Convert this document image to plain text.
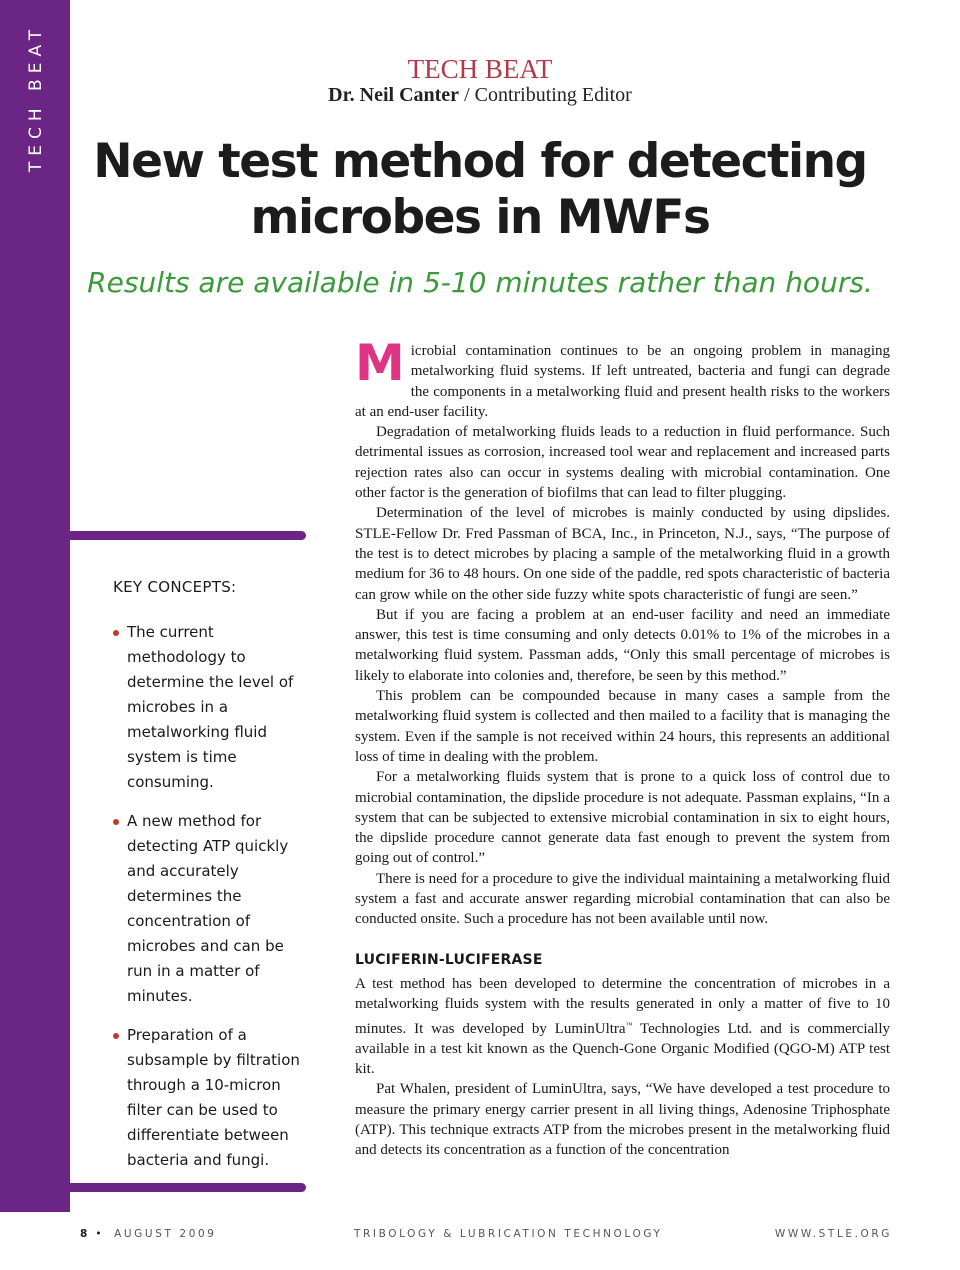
TECH BEAT	TECH BEAT
Dr. Neil Canter / Contributing Editor
New test method for detecting microbes in MWFs
Results are available in 5-10 minutes rather than hours.
KEY CONCEPTS:
The current methodology to determine the level of microbes in a metalworking fluid system is time consuming.
A new method for detecting ATP quickly and accurately determines the concentration of microbes and can be run in a matter of minutes.
Preparation of a subsample by filtration through a 10-micron filter can be used to differentiate between bacteria and fungi.

Microbial contamination continues to be an ongoing problem in managing metalworking fluid systems. If left untreated, bacteria and fungi can degrade the components in a metalworking fluid and present health risks to the workers at an end-user facility.

Degradation of metalworking fluids leads to a reduction in fluid performance. Such detrimental issues as corrosion, increased tool wear and replacement and increased parts rejection rates also can occur in systems dealing with microbial contamination. One other factor is the generation of biofilms that can lead to filter plugging.

Determination of the level of microbes is mainly conducted by using dipslides. STLE-Fellow Dr. Fred Passman of BCA, Inc., in Princeton, N.J., says, “The purpose of the test is to detect microbes by placing a sample of the metalworking fluid in a growth medium for 36 to 48 hours. On one side of the paddle, red spots characteristic of bacteria can grow while on the other side fuzzy white spots characteristic of fungi are seen.”

But if you are facing a problem at an end-user facility and need an immediate answer, this test is time consuming and only detects 0.01% to 1% of the microbes in a metalworking fluid system. Passman adds, “Only this small percentage of microbes is likely to elaborate into colonies and, therefore, be seen by this method.”

This problem can be compounded because in many cases a sample from the metalworking fluid system is collected and then mailed to a facility that is managing the system. Even if the sample is not received within 24 hours, this represents an additional loss of time in dealing with the problem.

For a metalworking fluids system that is prone to a quick loss of control due to microbial contamination, the dipslide procedure is not adequate. Passman explains, “In a system that can be subjected to extensive microbial contamination in six to eight hours, the dipslide procedure cannot generate data fast enough to prevent the system from going out of control.”

There is need for a procedure to give the individual maintaining a metalworking fluid system a fast and accurate answer regarding microbial contamination that can also be conducted onsite. Such a procedure has not been available until now.

LUCIFERIN-LUCIFERASE

A test method has been developed to determine the concentration of microbes in a metalworking fluids system with the results generated in only a matter of five to 10 minutes. It was developed by LuminUltra™ Technologies Ltd. and is commercially available in a test kit known as the Quench-Gone Organic Modified (QGO-M) ATP test kit.

Pat Whalen, president of LuminUltra, says, “We have developed a test procedure to measure the primary energy carrier present in all living things, Adenosine Triphosphate (ATP). This technique extracts ATP from the microbes present in the metalworking fluid and detects its concentration as a function of the concentration

8 • AUGUST 2009	TRIBOLOGY & LUBRICATION TECHNOLOGY	WWW.STLE.ORG
